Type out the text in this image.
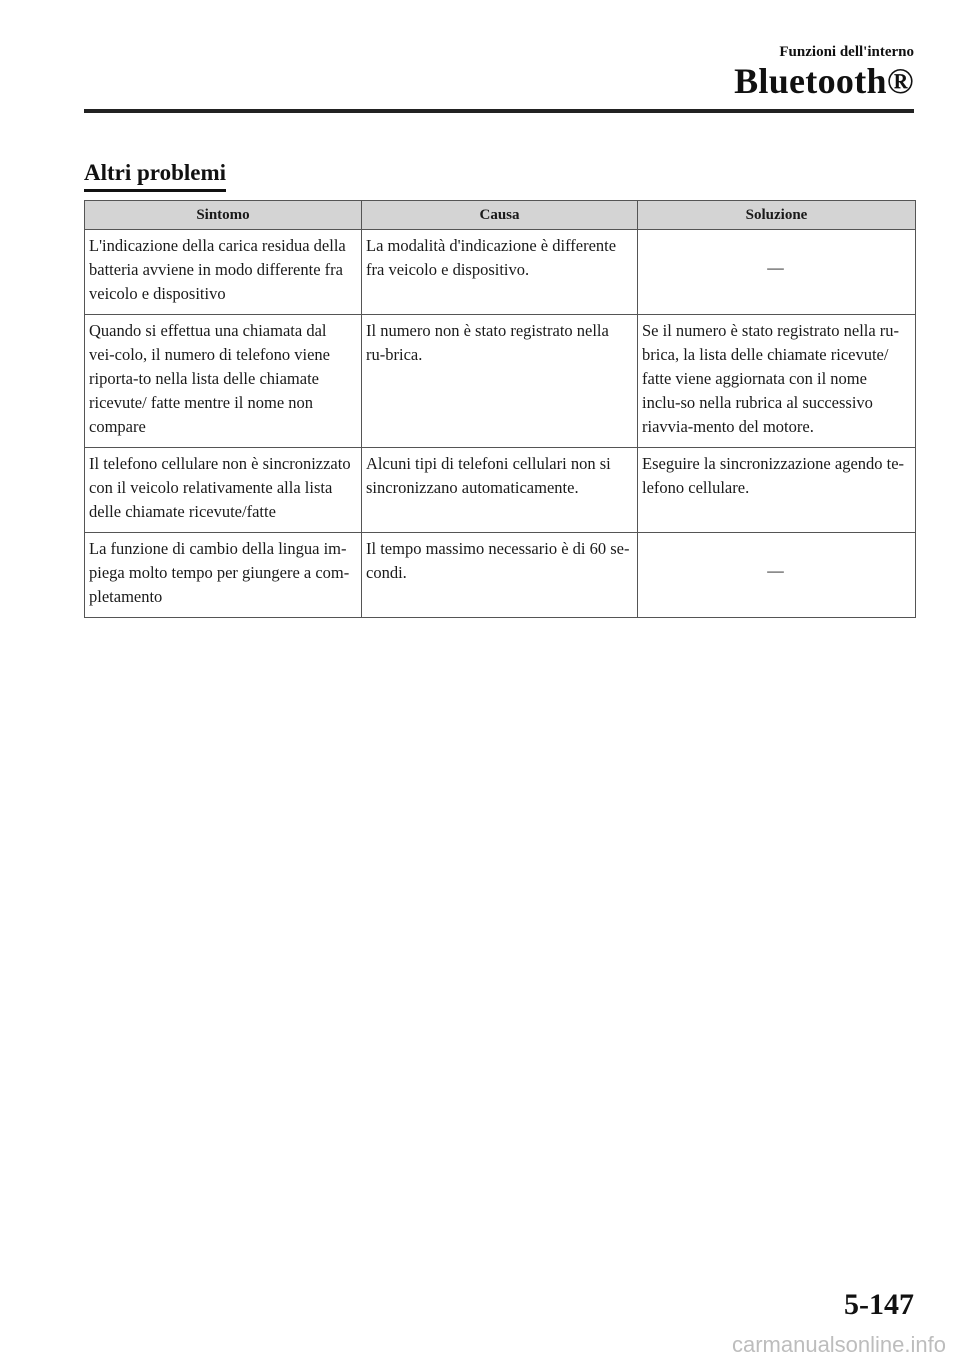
Funzioni dell'interno
Bluetooth®
Altri problemi
Sintomo	Causa	Soluzione
L'indicazione della carica residua della batteria avviene in modo differente fra veicolo e dispositivo	La modalità d'indicazione è differente fra veicolo e dispositivo.	—
Quando si effettua una chiamata dal vei-colo, il numero di telefono viene riporta-to nella lista delle chiamate ricevute/ fatte mentre il nome non compare	Il numero non è stato registrato nella ru-brica.	Se il numero è stato registrato nella ru-brica, la lista delle chiamate ricevute/ fatte viene aggiornata con il nome inclu-so nella rubrica al successivo riavvia-mento del motore.
Il telefono cellulare non è sincronizzato con il veicolo relativamente alla lista delle chiamate ricevute/fatte	Alcuni tipi di telefoni cellulari non si sincronizzano automaticamente.	Eseguire la sincronizzazione agendo te-lefono cellulare.
La funzione di cambio della lingua im-piega molto tempo per giungere a com-pletamento	Il tempo massimo necessario è di 60 se-condi.	—
5-147
carmanualsonline.info
